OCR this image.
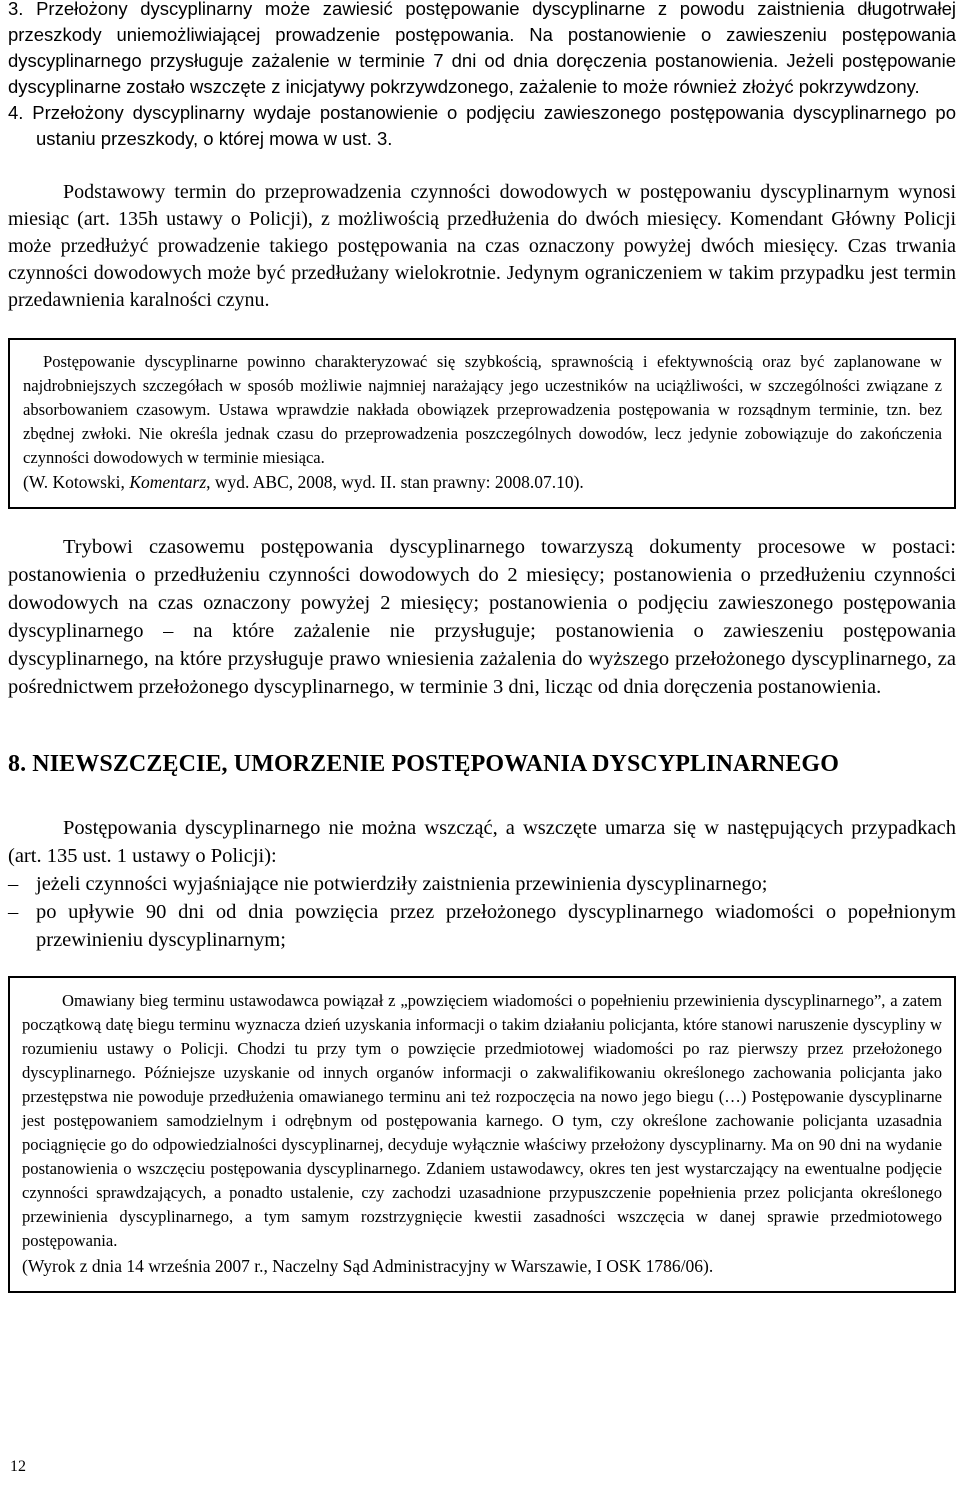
3. Przełożony dyscyplinarny może zawiesić postępowanie dyscyplinarne z powodu zaistnienia długotrwałej przeszkody uniemożliwiającej prowadzenie postępowania. Na postanowienie o zawieszeniu postępowania dyscyplinarnego przysługuje zażalenie w terminie 7 dni od dnia doręczenia postanowienia. Jeżeli postępowanie dyscyplinarne zostało wszczęte z inicjatywy pokrzywdzonego, zażalenie to może również złożyć pokrzywdzony.

4. Przełożony dyscyplinarny wydaje postanowienie o podjęciu zawieszonego postępowania dyscyplinarnego po ustaniu przeszkody, o której mowa w ust. 3.

Podstawowy termin do przeprowadzenia czynności dowodowych w postępowaniu dyscyplinarnym wynosi miesiąc (art. 135h ustawy o Policji), z możliwością przedłużenia do dwóch miesięcy. Komendant Główny Policji może przedłużyć prowadzenie takiego postępowania na czas oznaczony powyżej dwóch miesięcy. Czas trwania czynności dowodowych może być przedłużany wielokrotnie. Jedynym ograniczeniem w takim przypadku jest termin przedawnienia karalności czynu.

Postępowanie dyscyplinarne powinno charakteryzować się szybkością, sprawnością i efektywnością oraz być zaplanowane w najdrobniejszych szczegółach w sposób możliwie najmniej narażający jego uczestników na uciążliwości, w szczególności związane z absorbowaniem czasowym. Ustawa wprawdzie nakłada obowiązek przeprowadzenia postępowania w rozsądnym terminie, tzn. bez zbędnej zwłoki. Nie określa jednak czasu do przeprowadzenia poszczególnych dowodów, lecz jedynie zobowiązuje do zakończenia czynności dowodowych w terminie miesiąca.

(W. Kotowski, Komentarz, wyd. ABC, 2008, wyd. II. stan prawny: 2008.07.10).

Trybowi czasowemu postępowania dyscyplinarnego towarzyszą dokumenty procesowe w postaci: postanowienia o przedłużeniu czynności dowodowych do 2 miesięcy; postanowienia o przedłużeniu czynności dowodowych na czas oznaczony powyżej 2 miesięcy; postanowienia o podjęciu zawieszonego postępowania dyscyplinarnego – na które zażalenie nie przysługuje; postanowienia o zawieszeniu postępowania dyscyplinarnego, na które przysługuje prawo wniesienia zażalenia do wyższego przełożonego dyscyplinarnego, za pośrednictwem przełożonego dyscyplinarnego, w terminie 3 dni, licząc od dnia doręczenia postanowienia.

8. NIEWSZCZĘCIE, UMORZENIE POSTĘPOWANIA DYSCYPLINARNEGO

Postępowania dyscyplinarnego nie można wszcząć, a wszczęte umarza się w następujących przypadkach (art. 135 ust. 1 ustawy o Policji):

– jeżeli czynności wyjaśniające nie potwierdziły zaistnienia przewinienia dyscyplinarnego;
– po upływie 90 dni od dnia powzięcia przez przełożonego dyscyplinarnego wiadomości o popełnionym przewinieniu dyscyplinarnym;

Omawiany bieg terminu ustawodawca powiązał z „powzięciem wiadomości o popełnieniu przewinienia dyscyplinarnego”, a zatem początkową datę biegu terminu wyznacza dzień uzyskania informacji o takim działaniu policjanta, które stanowi naruszenie dyscypliny w rozumieniu ustawy o Policji. Chodzi tu przy tym o powzięcie przedmiotowej wiadomości po raz pierwszy przez przełożonego dyscyplinarnego. Późniejsze uzyskanie od innych organów informacji o zakwalifikowaniu określonego zachowania policjanta jako przestępstwa nie powoduje przedłużenia omawianego terminu ani też rozpoczęcia na nowo jego biegu (…) Postępowanie dyscyplinarne jest postępowaniem samodzielnym i odrębnym od postępowania karnego. O tym, czy określone zachowanie policjanta uzasadnia pociągnięcie go do odpowiedzialności dyscyplinarnej, decyduje wyłącznie właściwy przełożony dyscyplinarny. Ma on 90 dni na wydanie postanowienia o wszczęciu postępowania dyscyplinarnego. Zdaniem ustawodawcy, okres ten jest wystarczający na ewentualne podjęcie czynności sprawdzających, a ponadto ustalenie, czy zachodzi uzasadnione przypuszczenie popełnienia przez policjanta określonego przewinienia dyscyplinarnego, a tym samym rozstrzygnięcie kwestii zasadności wszczęcia w danej sprawie przedmiotowego postępowania.

(Wyrok z dnia 14 września 2007 r., Naczelny Sąd Administracyjny w Warszawie, I OSK 1786/06).

12
